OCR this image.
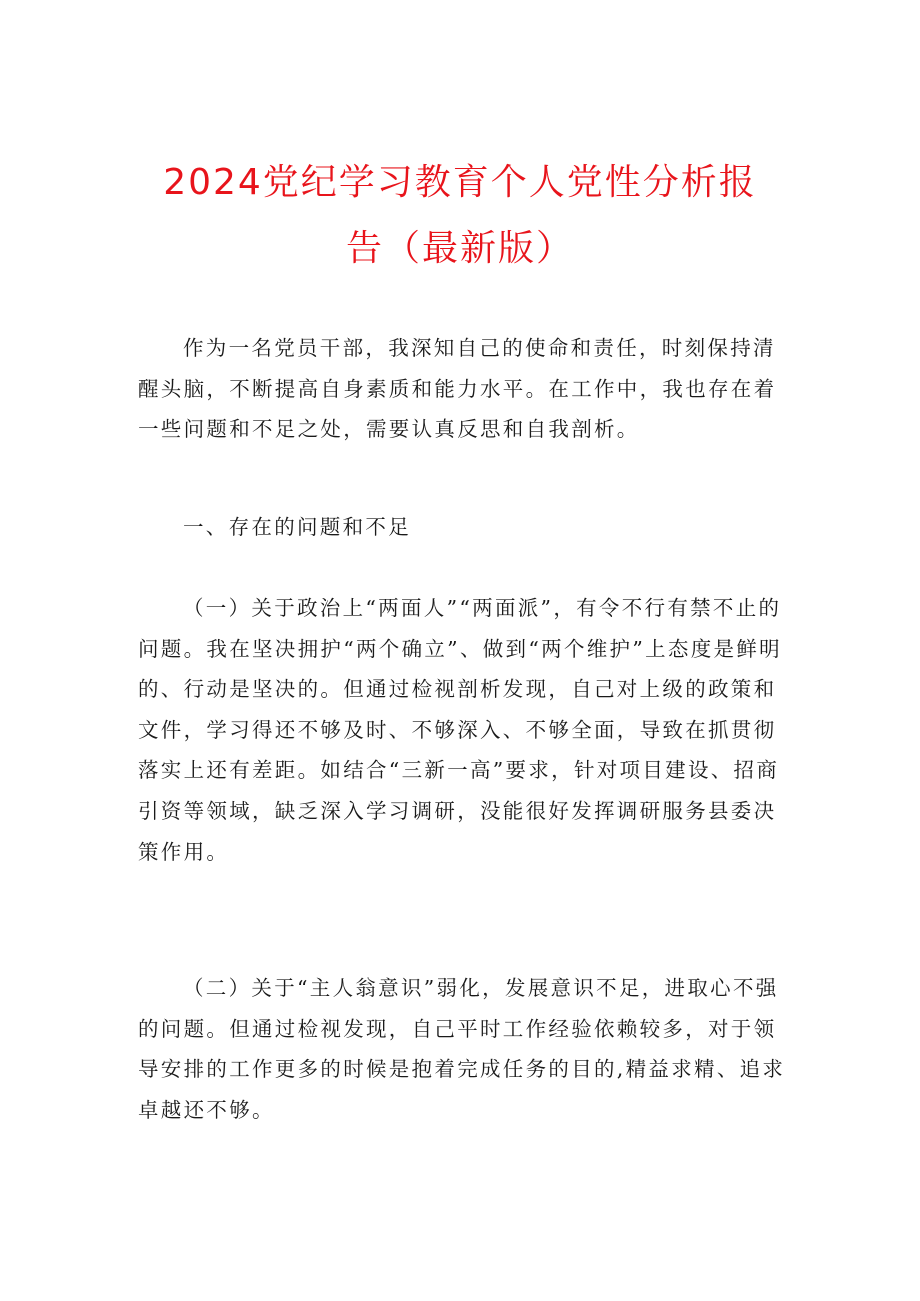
2024党纪学习教育个人党性分析报
告（最新版）

作为一名党员干部，我深知自己的使命和责任，时刻保持清醒头脑，不断提高自身素质和能力水平。在工作中，我也存在着一些问题和不足之处，需要认真反思和自我剖析。

一、存在的问题和不足

（一）关于政治上“两面人”“两面派”，有令不行有禁不止的问题。我在坚决拥护“两个确立”、做到“两个维护”上态度是鲜明的、行动是坚决的。但通过检视剖析发现，自己对上级的政策和文件，学习得还不够及时、不够深入、不够全面，导致在抓贯彻落实上还有差距。如结合“三新一高”要求，针对项目建设、招商引资等领域，缺乏深入学习调研，没能很好发挥调研服务县委决策作用。

（二）关于“主人翁意识”弱化，发展意识不足，进取心不强的问题。但通过检视发现，自己平时工作经验依赖较多，对于领导安排的工作更多的时候是抱着完成任务的目的,精益求精、追求卓越还不够。
